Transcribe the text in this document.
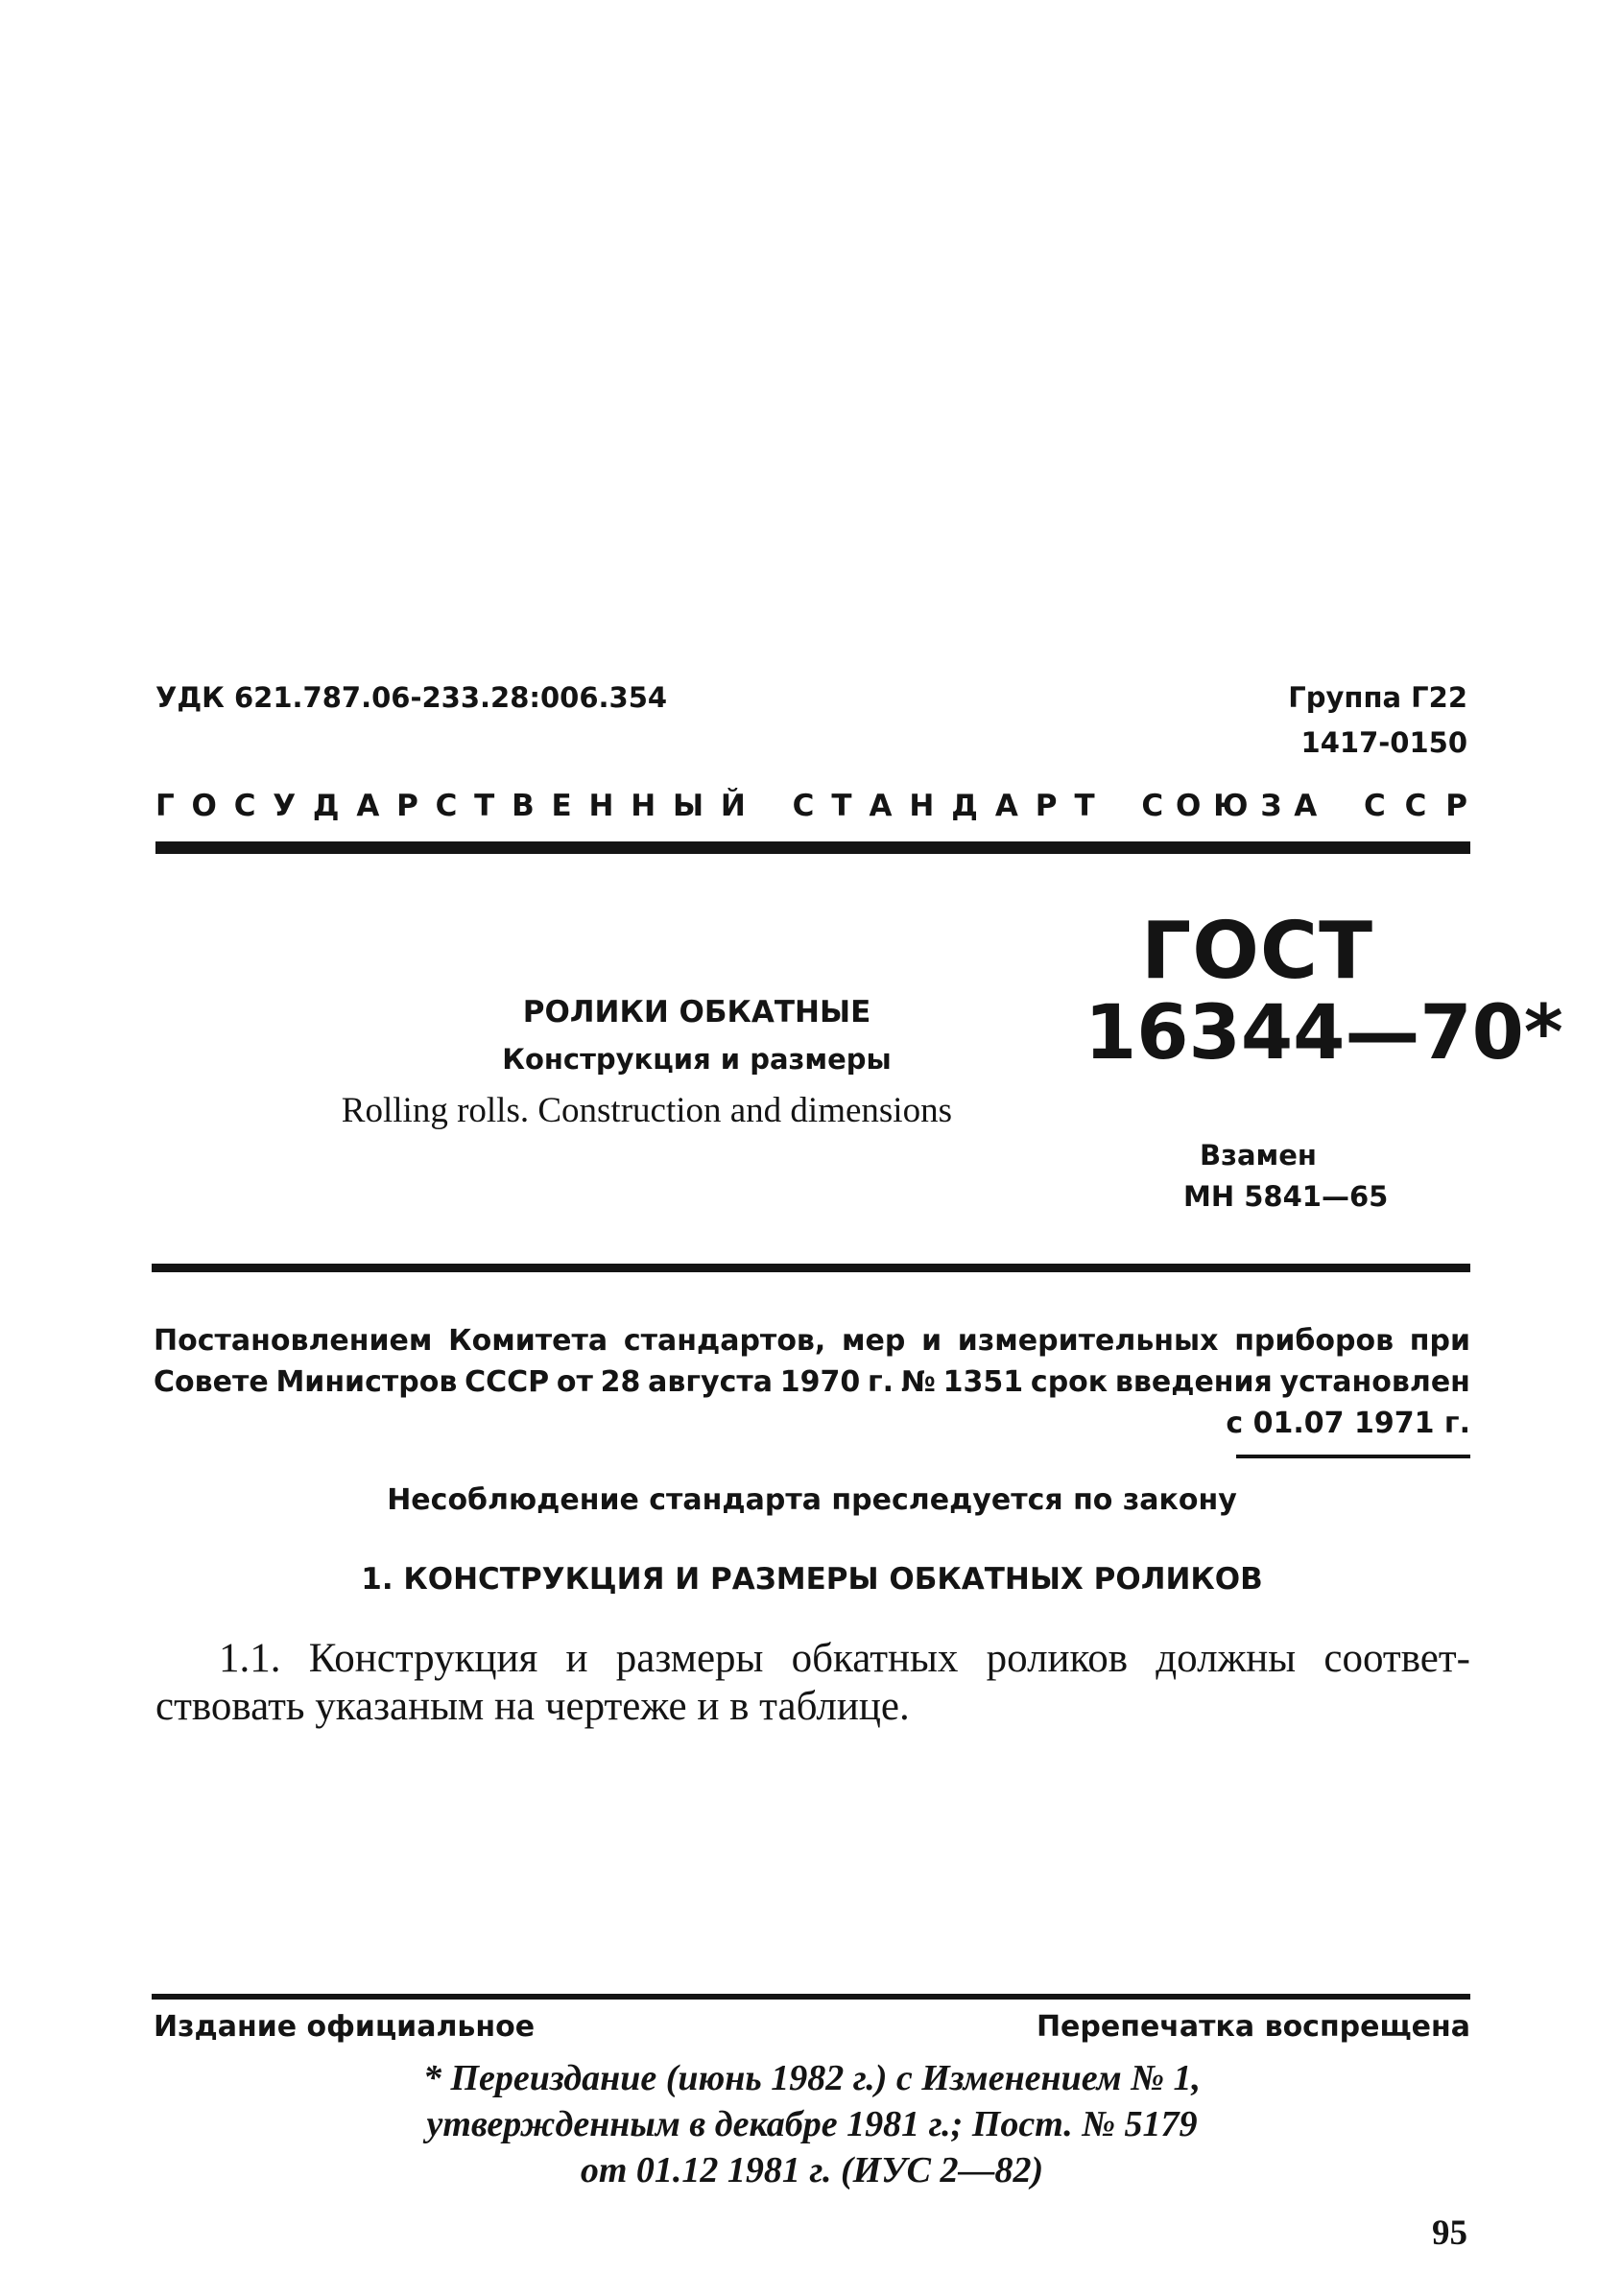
УДК 621.787.06-233.28:006.354	Группа Г22
1417-0150
Г О С У Д А Р С Т В Е Н Н Ы Й С Т А Н Д А Р Т С О Ю З А С С Р
РОЛИКИ ОБКАТНЫЕ
Конструкция и размеры
Rolling rolls. Construction and dimensions
ГОСТ
16344—70*
Взамен
МН 5841—65
Постановлением Комитета стандартов, мер и измерительных приборов при
Совете Министров СССР от 28 августа 1970 г. № 1351 срок введения установлен
с 01.07 1971 г.
Несоблюдение стандарта преследуется по закону
1. КОНСТРУКЦИЯ И РАЗМЕРЫ ОБКАТНЫХ РОЛИКОВ
1.1. Конструкция и размеры обкатных роликов должны соответ-
ствовать указаным на чертеже и в таблице.
Издание официальное	Перепечатка воспрещена
* Переиздание (июнь 1982 г.) с Изменением № 1,
утвержденным в декабре 1981 г.; Пост. № 5179
от 01.12 1981 г. (ИУС 2—82)
95
